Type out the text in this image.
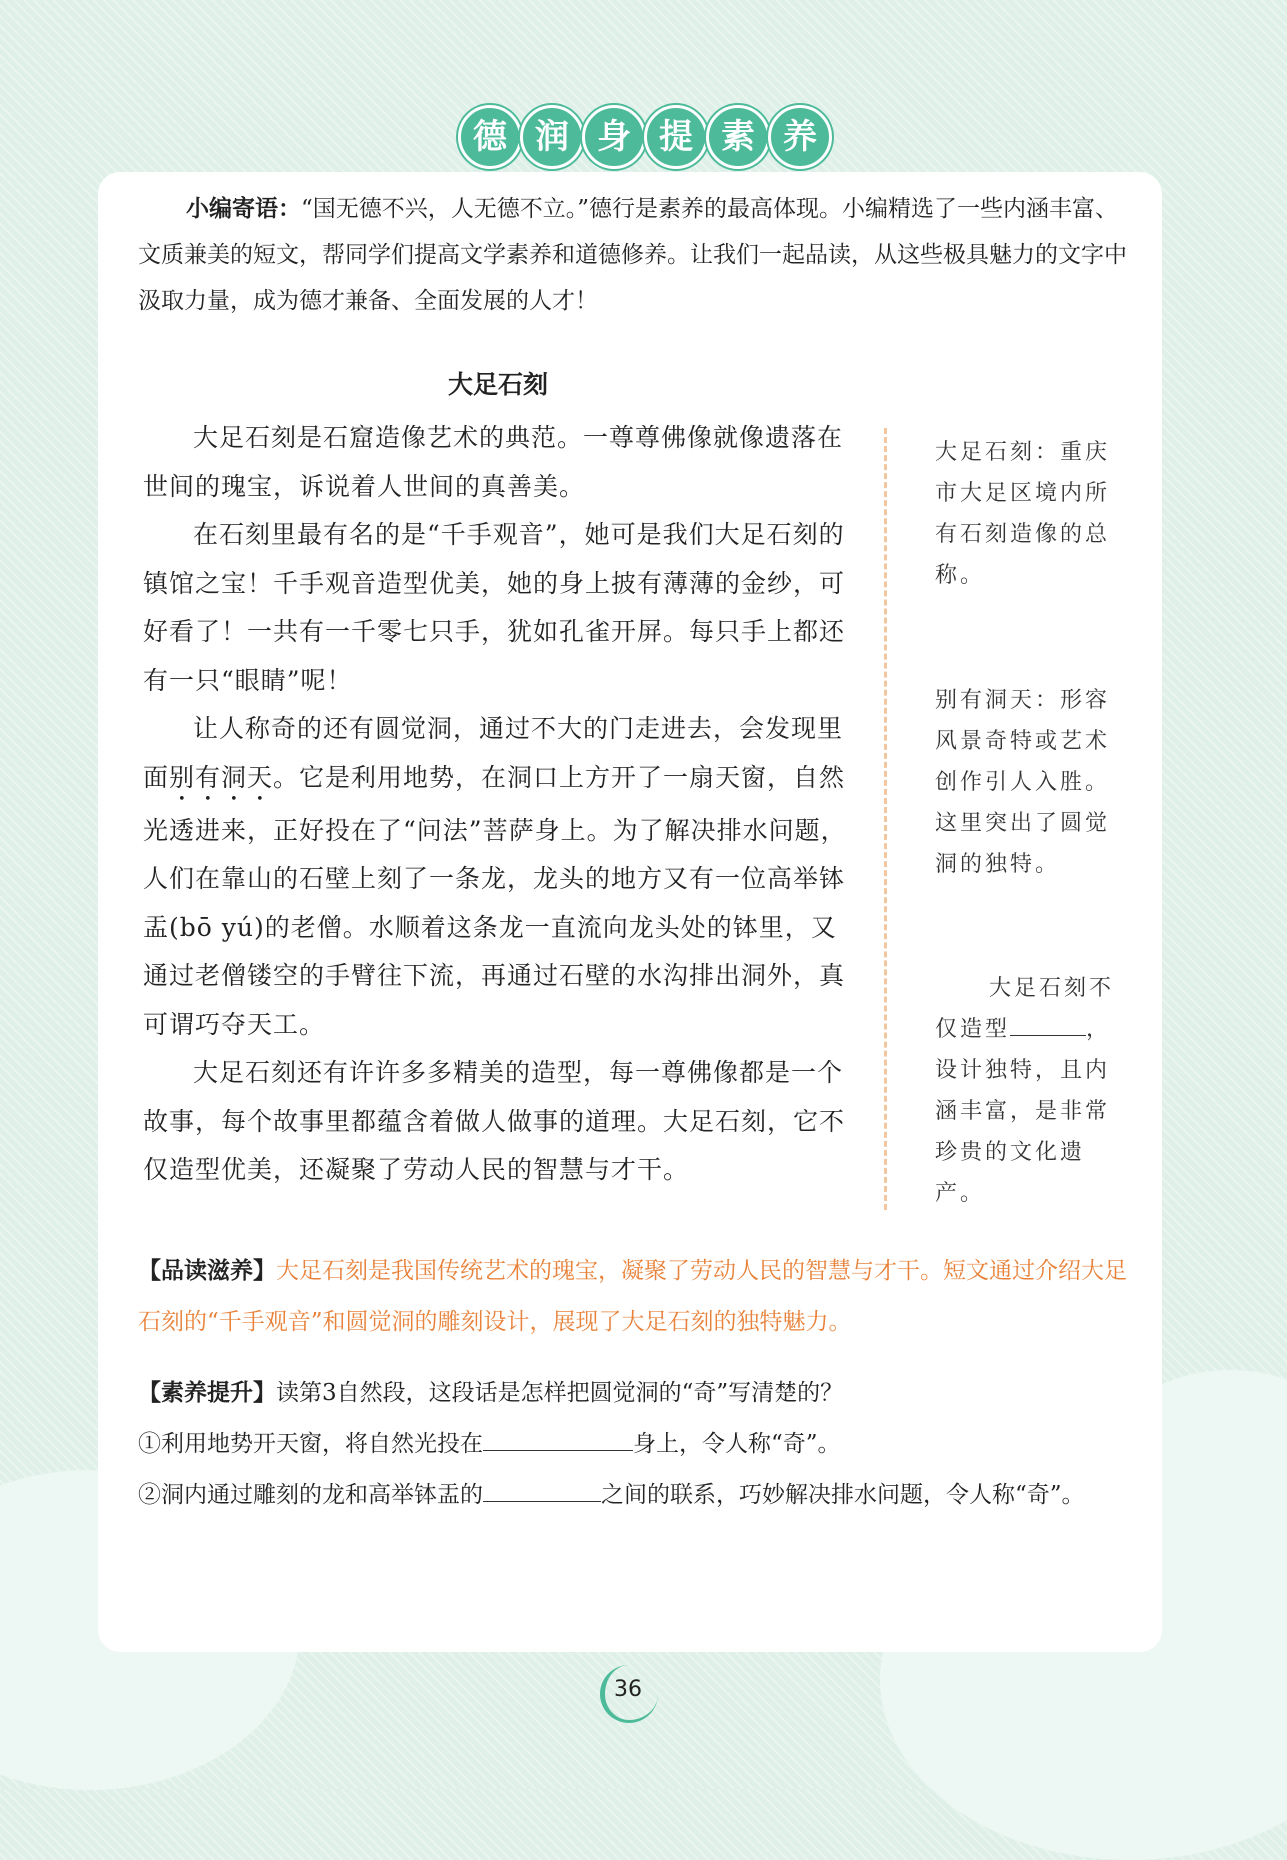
德 润 身 提 素 养

小编寄语：“国无德不兴，人无德不立。”德行是素养的最高体现。小编精选了一些内涵丰富、文质兼美的短文，帮同学们提高文学素养和道德修养。让我们一起品读，从这些极具魅力的文字中汲取力量，成为德才兼备、全面发展的人才！

大足石刻

大足石刻是石窟造像艺术的典范。一尊尊佛像就像遗落在世间的瑰宝，诉说着人世间的真善美。

在石刻里最有名的是“千手观音”，她可是我们大足石刻的镇馆之宝！千手观音造型优美，她的身上披有薄薄的金纱，可好看了！一共有一千零七只手，犹如孔雀开屏。每只手上都还有一只“眼睛”呢！

让人称奇的还有圆觉洞，通过不大的门走进去，会发现里面别有洞天。它是利用地势，在洞口上方开了一扇天窗，自然光透进来，正好投在了“问法”菩萨身上。为了解决排水问题，人们在靠山的石壁上刻了一条龙，龙头的地方又有一位高举钵盂(bō yú)的老僧。水顺着这条龙一直流向龙头处的钵里，又通过老僧镂空的手臂往下流，再通过石壁的水沟排出洞外，真可谓巧夺天工。

大足石刻还有许许多多精美的造型，每一尊佛像都是一个故事，每个故事里都蕴含着做人做事的道理。大足石刻，它不仅造型优美，还凝聚了劳动人民的智慧与才干。

大足石刻：重庆市大足区境内所有石刻造像的总称。

别有洞天：形容风景奇特或艺术创作引人入胜。这里突出了圆觉洞的独特。

大足石刻不仅造型	，设计独特，且内涵丰富，是非常珍贵的文化遗产。

【品读滋养】大足石刻是我国传统艺术的瑰宝，凝聚了劳动人民的智慧与才干。短文通过介绍大足石刻的“千手观音”和圆觉洞的雕刻设计，展现了大足石刻的独特魅力。

【素养提升】读第3自然段，这段话是怎样把圆觉洞的“奇”写清楚的？
①利用地势开天窗，将自然光投在	身上，令人称“奇”。
②洞内通过雕刻的龙和高举钵盂的	之间的联系，巧妙解决排水问题，令人称“奇”。
36
